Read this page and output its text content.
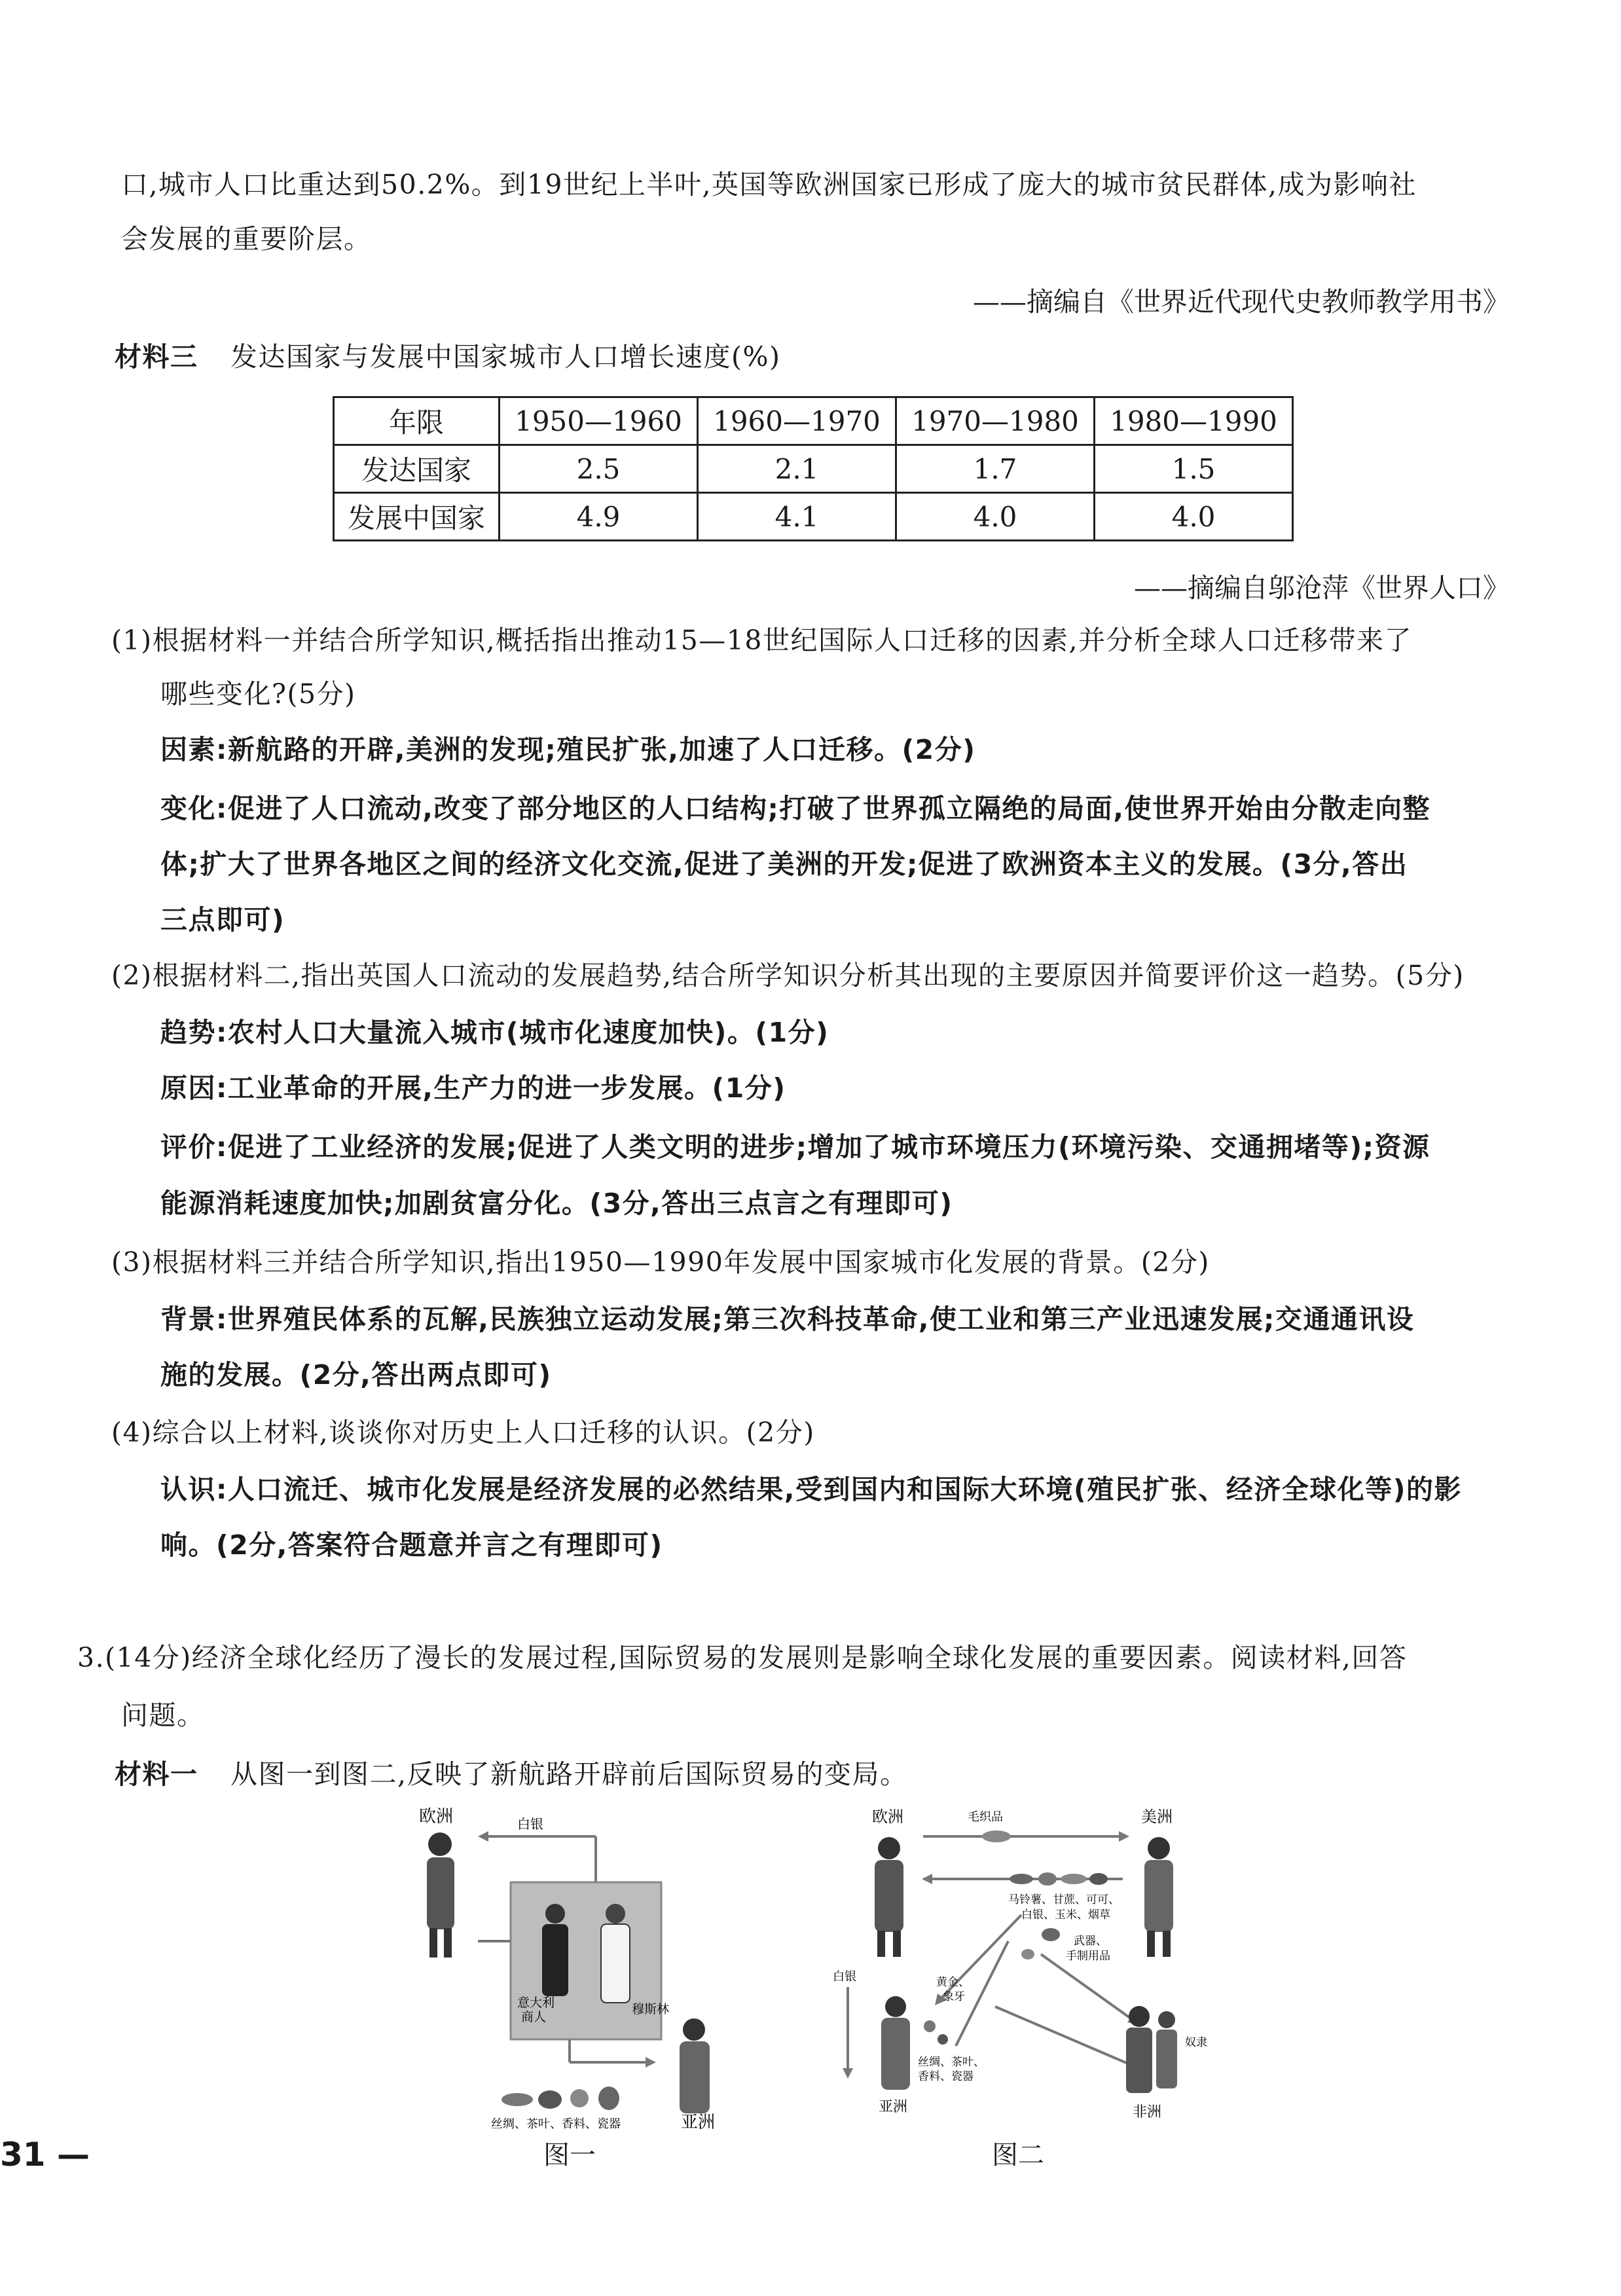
口,城市人口比重达到50.2%。到19世纪上半叶,英国等欧洲国家已形成了庞大的城市贫民群体,成为影响社
会发展的重要阶层。
——摘编自《世界近代现代史教师教学用书》
材料三 发达国家与发展中国家城市人口增长速度(%)
年限	1950—1960	1960—1970	1970—1980	1980—1990
发达国家	2.5	2.1	1.7	1.5
发展中国家	4.9	4.1	4.0	4.0
——摘编自邬沧萍《世界人口》
(1)根据材料一并结合所学知识,概括指出推动15—18世纪国际人口迁移的因素,并分析全球人口迁移带来了
哪些变化?(5分)
因素:新航路的开辟,美洲的发现;殖民扩张,加速了人口迁移。(2分)
变化:促进了人口流动,改变了部分地区的人口结构;打破了世界孤立隔绝的局面,使世界开始由分散走向整
体;扩大了世界各地区之间的经济文化交流,促进了美洲的开发;促进了欧洲资本主义的发展。(3分,答出
三点即可)
(2)根据材料二,指出英国人口流动的发展趋势,结合所学知识分析其出现的主要原因并简要评价这一趋势。(5分)
趋势:农村人口大量流入城市(城市化速度加快)。(1分)
原因:工业革命的开展,生产力的进一步发展。(1分)
评价:促进了工业经济的发展;促进了人类文明的进步;增加了城市环境压力(环境污染、交通拥堵等);资源
能源消耗速度加快;加剧贫富分化。(3分,答出三点言之有理即可)
(3)根据材料三并结合所学知识,指出1950—1990年发展中国家城市化发展的背景。(2分)
背景:世界殖民体系的瓦解,民族独立运动发展;第三次科技革命,使工业和第三产业迅速发展;交通通讯设
施的发展。(2分,答出两点即可)
(4)综合以上材料,谈谈你对历史上人口迁移的认识。(2分)
认识:人口流迁、城市化发展是经济发展的必然结果,受到国内和国际大环境(殖民扩张、经济全球化等)的影
响。(2分,答案符合题意并言之有理即可)
3.(14分)经济全球化经历了漫长的发展过程,国际贸易的发展则是影响全球化发展的重要因素。阅读材料,回答
问题。
材料一 从图一到图二,反映了新航路开辟前后国际贸易的变局。
欧洲	白银
意大利
商人
穆斯林
丝绸、茶叶、香料、瓷器	亚洲
图一
欧洲	毛织品	美洲
马铃薯、甘蔗、可可、
白银、玉米、烟草
武器、
手制用品
白银	黄金、
象牙
丝绸、茶叶、
香料、瓷器
奴隶
亚洲	非洲
图二
31 —
